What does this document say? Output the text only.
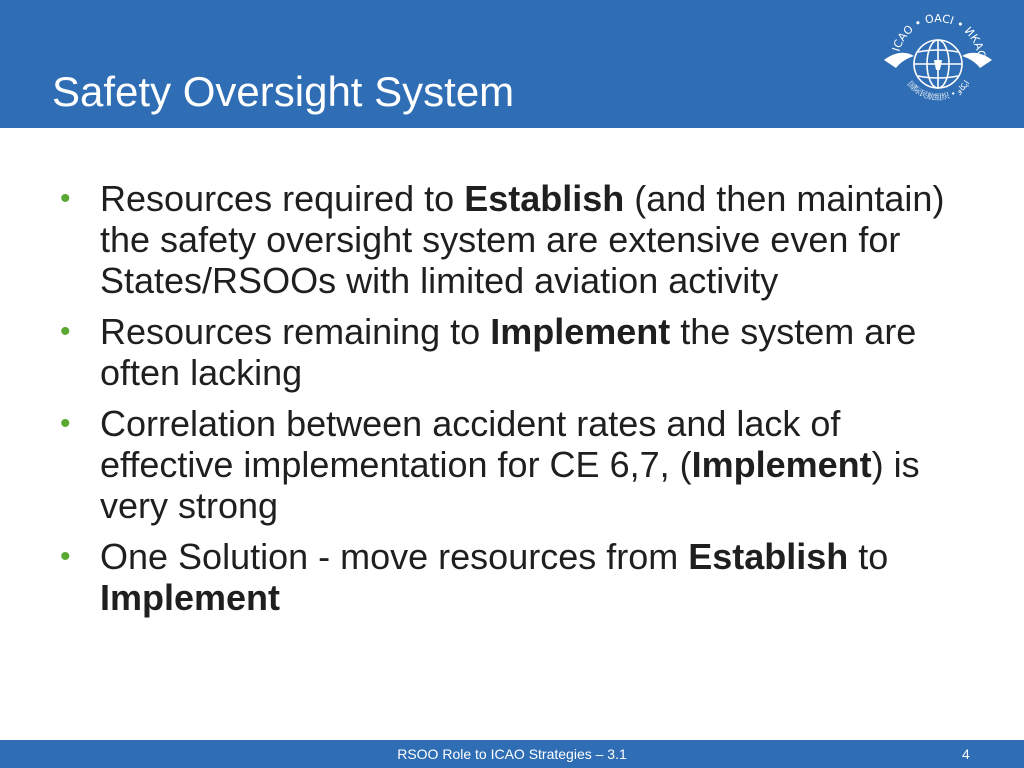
Safety Oversight System
ICAO • OACI • ИКАО
国际民航组织 • ايكاو
• Resources required to Establish (and then maintain) the safety oversight system are extensive even for States/RSOOs with limited aviation activity
• Resources remaining to Implement the system are often lacking
• Correlation between accident rates and lack of effective implementation for CE 6,7, (Implement) is very strong
• One Solution - move resources from Establish to Implement
RSOO Role to ICAO Strategies – 3.1	4
